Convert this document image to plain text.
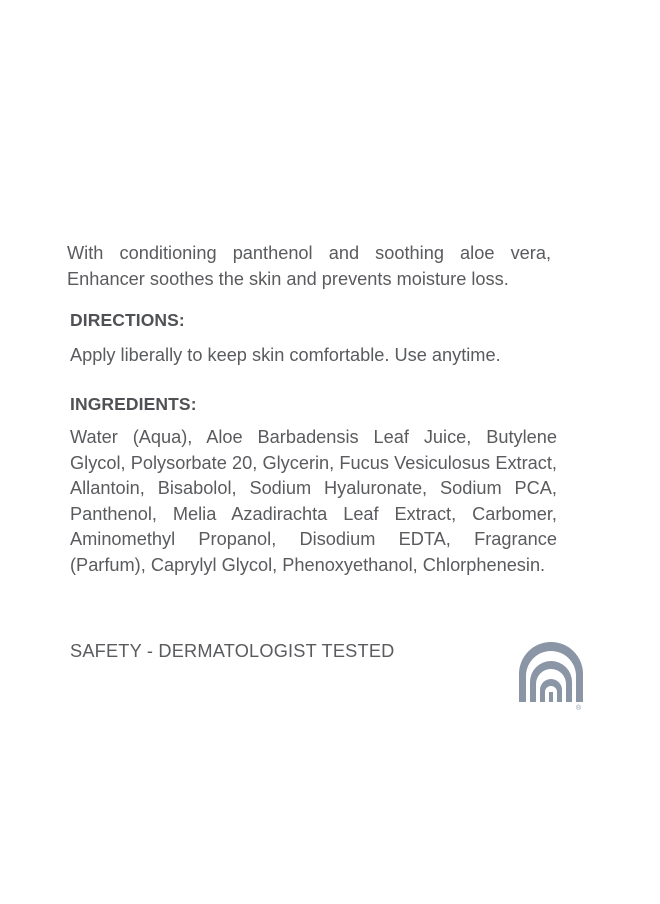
With conditioning panthenol and soothing aloe vera, Enhancer soothes the skin and prevents moisture loss.

DIRECTIONS:

Apply liberally to keep skin comfortable. Use anytime.

INGREDIENTS:

Water (Aqua), Aloe Barbadensis Leaf Juice, Butylene Glycol, Polysorbate 20, Glycerin, Fucus Vesiculosus Extract, Allantoin, Bisabolol, Sodium Hyaluronate, Sodium PCA, Panthenol, Melia Azadirachta Leaf Extract, Carbomer, Aminomethyl Propanol, Disodium EDTA, Fragrance (Parfum), Caprylyl Glycol, Phenoxyethanol, Chlorphenesin.

SAFETY - DERMATOLOGIST TESTED

®
